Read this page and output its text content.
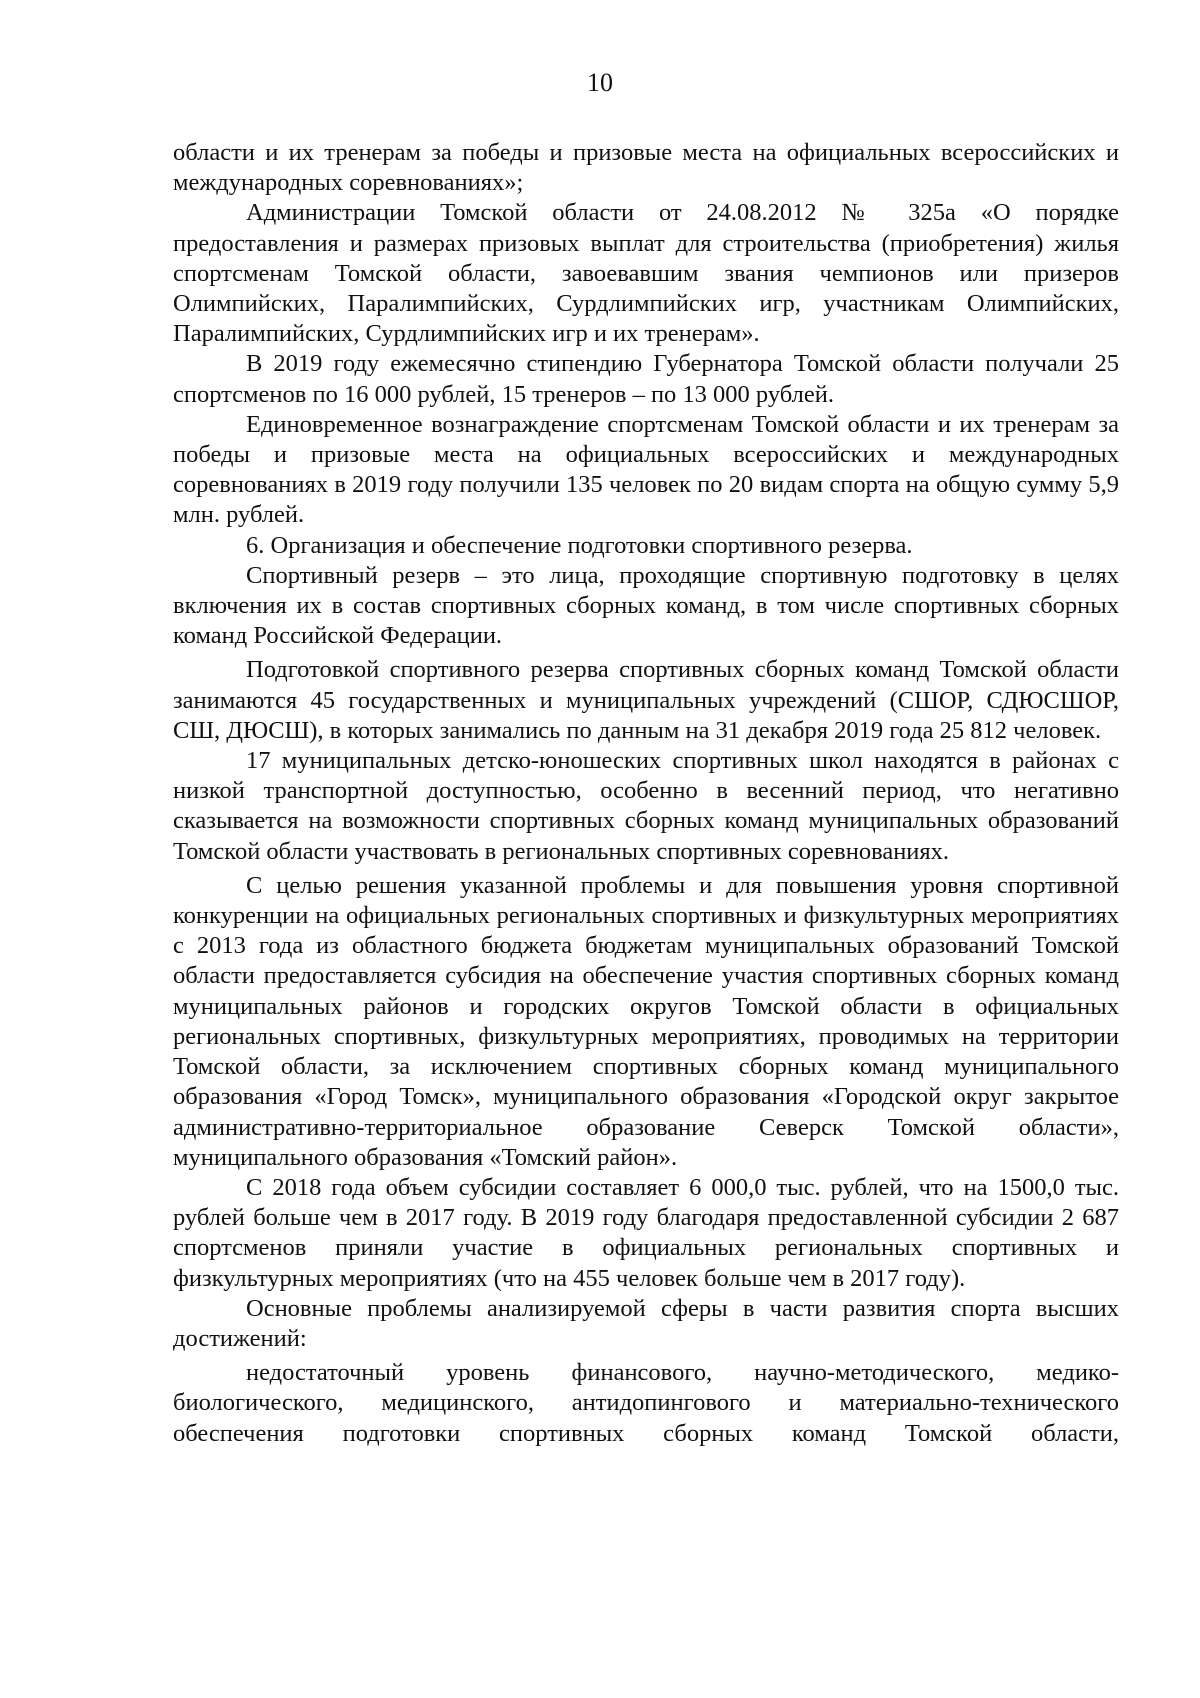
10

области и их тренерам за победы и призовые места на официальных всероссийских и международных соревнованиях»;

Администрации Томской области от 24.08.2012 № 325а «О порядке предоставления и размерах призовых выплат для строительства (приобретения) жилья спортсменам Томской области, завоевавшим звания чемпионов или призеров Олимпийских, Паралимпийских, Сурдлимпийских игр, участникам Олимпийских, Паралимпийских, Сурдлимпийских игр и их тренерам».

В 2019 году ежемесячно стипендию Губернатора Томской области получали 25 спортсменов по 16 000 рублей, 15 тренеров – по 13 000 рублей.

Единовременное вознаграждение спортсменам Томской области и их тренерам за победы и призовые места на официальных всероссийских и международных соревнованиях в 2019 году получили 135 человек по 20 видам спорта на общую сумму 5,9 млн. рублей.

6. Организация и обеспечение подготовки спортивного резерва.

Спортивный резерв – это лица, проходящие спортивную подготовку в целях включения их в состав спортивных сборных команд, в том числе спортивных сборных команд Российской Федерации.

Подготовкой спортивного резерва спортивных сборных команд Томской области занимаются 45 государственных и муниципальных учреждений (СШОР, СДЮСШОР, СШ, ДЮСШ), в которых занимались по данным на 31 декабря 2019 года 25 812 человек.

17 муниципальных детско-юношеских спортивных школ находятся в районах с низкой транспортной доступностью, особенно в весенний период, что негативно сказывается на возможности спортивных сборных команд муниципальных образований Томской области участвовать в региональных спортивных соревнованиях.

С целью решения указанной проблемы и для повышения уровня спортивной конкуренции на официальных региональных спортивных и физкультурных мероприятиях с 2013 года из областного бюджета бюджетам муниципальных образований Томской области предоставляется субсидия на обеспечение участия спортивных сборных команд муниципальных районов и городских округов Томской области в официальных региональных спортивных, физкультурных мероприятиях, проводимых на территории Томской области, за исключением спортивных сборных команд муниципального образования «Город Томск», муниципального образования «Городской округ закрытое административно-территориальное образование Северск Томской области», муниципального образования «Томский район».

С 2018 года объем субсидии составляет 6 000,0 тыс. рублей, что на 1500,0 тыс. рублей больше чем в 2017 году. В 2019 году благодаря предоставленной субсидии 2 687 спортсменов приняли участие в официальных региональных спортивных и физкультурных мероприятиях (что на 455 человек больше чем в 2017 году).

Основные проблемы анализируемой сферы в части развития спорта высших достижений:

недостаточный уровень финансового, научно-методического, медико-биологического, медицинского, антидопингового и материально-технического обеспечения подготовки спортивных сборных команд Томской области,
